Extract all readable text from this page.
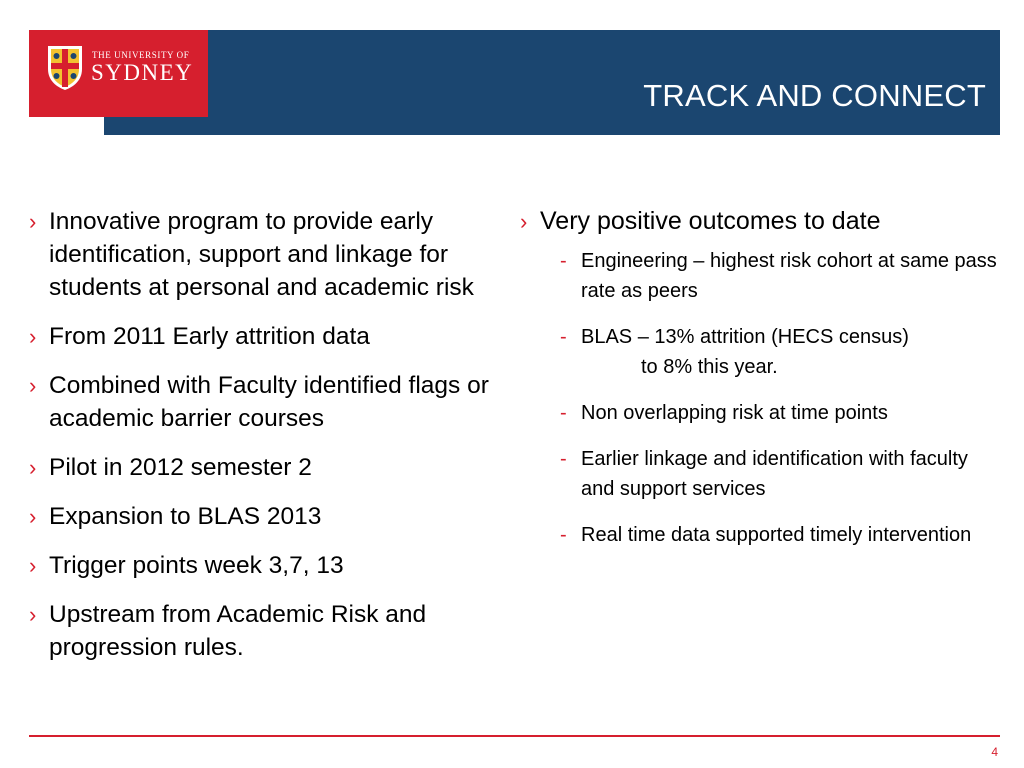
TRACK AND CONNECT
THE UNIVERSITY OF
SYDNEY
› Innovative program to provide early identification, support and linkage for students at personal and academic risk
› From 2011 Early attrition data
› Combined with Faculty identified flags or academic barrier courses
› Pilot in 2012 semester 2
› Expansion to BLAS 2013
› Trigger points week 3,7, 13
› Upstream from Academic Risk and progression rules.
› Very positive outcomes to date
- Engineering – highest risk cohort at same pass rate as peers
- BLAS – 13% attrition (HECS census)
to 8% this year.
- Non overlapping risk at time points
- Earlier linkage and identification with faculty and support services
- Real time data supported timely intervention
4
